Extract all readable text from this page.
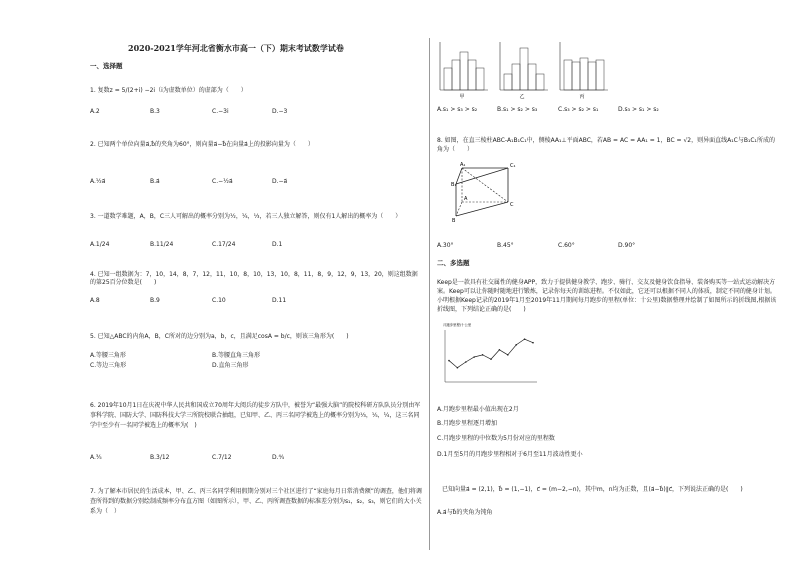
2020-2021学年河北省衡水市高一（下）期末考试数学试卷
一、选择题
1. 复数z = 5/(2+i) −2i（i为虚数单位）的虚部为（　　）
A.2	B.3	C.−3i	D.−3
2. 已知两个单位向量a⃗,b⃗的夹角为60°，则向量a⃗−b⃗在向量a⃗上的投影向量为（　　）
A.½a⃗	B.a⃗	C.−½a⃗	D.−a⃗
3. 一道数学难题，A，B，C三人可解出的概率分别为½，¼，⅓，若三人独立解答，则仅有1人解出的概率为（　　）
A.1/24	B.11/24	C.17/24	D.1
4. 已知一组数据为：7，10，14，8，7，12，11，10，8，10，13，10，8，11，8，9，12，9，13，20，则这组数据的第25百分位数是(　　)
A.8	B.9	C.10	D.11
5. 已知△ABC的内角A，B，C所对的边分别为a，b，c，且满足cosA = b/c，则该三角形为(　　)
A.等腰三角形	B.等腰直角三角形
C.等边三角形	D.直角三角形
6. 2019年10月1日在庆祝中华人民共和国成立70周年大阅兵的徒步方队中，被誉为“最强大脑”的院校科研方队队员分别由军事科学院、国防大学、国防科技大学三所院校联合抽组，已知甲、乙、丙三名同学被选上的概率分别为⅓，⅕，¼，这三名同学中至少有一名同学被选上的概率为(　)
A.⅗	B.3/12	C.7/12	D.⅘
7. 为了解本市居民的生活成本，甲、乙、丙三名同学利用假期分别对三个社区进行了“家庭每月日常消费额”的调查，他们将调查所得到的数据分别绘制成频率分布直方图（如图所示），甲、乙、丙所调查数据的标准差分别为s₁，s₂，s₃，则它们的大小关系为（　）
甲	乙	丙
A.s₁ > s₃ > s₂	B.s₁ > s₂ > s₃	C.s₃ > s₂ > s₁	D.s₃ > s₁ > s₂
8. 如图，在直三棱柱ABC-A₁B₁C₁中，侧棱AA₁⊥平面ABC，若AB = AC = AA₁ = 1，BC = √2，则异面直线A₁C与B₁C₁所成的角为（　　）
A₁	C₁
B₁
A
C
B
A.30°	B.45°	C.60°	D.90°
二、多选题
Keep是一款具有社交属性的健身APP，致力于提供健身教学、跑步、骑行、交友及健身饮食指导、装备购买等一站式运动解决方案。Keep可以让你随时随地进行锻炼，记录你每天的训练进程。不仅如此，它还可以根据不同人的体质，制定不同的健身计划。小明根据Keep记录的2019年1月至2019年11月期间每月跑步的里程(单位：十公里)数据整理并绘制了如图所示的折线图,根据该折线图，下列结论正确的是(　　)
月跑步里程/十公里
A.月跑步里程最小值出现在2月
B.月跑步里程逐月增加
C.月跑步里程的中位数为5月份对应的里程数
D.1月至5月的月跑步里程相对于6月至11月波动性更小
已知向量a⃗ = (2,1)，b⃗ = (1,−1)，c⃗ = (m−2,−n)，其中m，n均为正数，且(a⃗−b⃗)∥c⃗，下列说法正确的是(　　)
A.a⃗与b⃗的夹角为钝角
